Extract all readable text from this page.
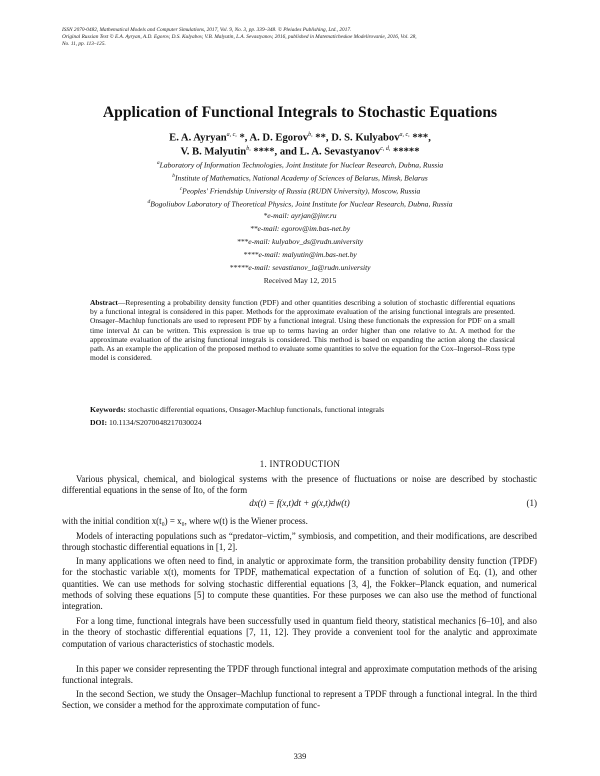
ISSN 2070-0482, Mathematical Models and Computer Simulations, 2017, Vol. 9, No. 3, pp. 339–348. © Pleiades Publishing, Ltd., 2017.
Original Russian Text © E.A. Ayryan, A.D. Egorov, D.S. Kulyabov, V.B. Malyutin, L.A. Sevastyanov, 2016, published in Matematicheskoe Modelirovanie, 2016, Vol. 28,
No. 11, pp. 113–125.
Application of Functional Integrals to Stochastic Equations
E. A. Ayryan$^{a, c,}$ *, A. D. Egorov$^{b,}$ **, D. S. Kulyabov$^{a, c,}$ ***,
V. B. Malyutin$^{b,}$ ****, and L. A. Sevastyanov$^{c, d,}$ *****
$^a$Laboratory of Information Technologies, Joint Institute for Nuclear Research, Dubna, Russia
$^b$Institute of Mathematics, National Academy of Sciences of Belarus, Minsk, Belarus
$^c$Peoples' Friendship University of Russia (RUDN University), Moscow, Russia
$^d$Bogoliubov Laboratory of Theoretical Physics, Joint Institute for Nuclear Research, Dubna, Russia
*e-mail: ayrjan@jinr.ru
**e-mail: egorov@im.bas-net.by
***e-mail: kulyabov_ds@rudn.university
****e-mail: malyutin@im.bas-net.by
*****e-mail: sevastianov_la@rudn.university
Received May 12, 2015
Abstract—Representing a probability density function (PDF) and other quantities describing a solution of stochastic differential equations by a functional integral is considered in this paper. Methods for the approximate evaluation of the arising functional integrals are presented. Onsager–Machlup functionals are used to represent PDF by a functional integral. Using these functionals the expression for PDF on a small time interval Δt can be written. This expression is true up to terms having an order higher than one relative to Δt. A method for the approximate evaluation of the arising functional integrals is considered. This method is based on expanding the action along the classical path. As an example the application of the proposed method to evaluate some quantities to solve the equation for the Cox–Ingersol–Ross type model is considered.
Keywords: stochastic differential equations, Onsager-Machlup functionals, functional integrals
DOI: 10.1134/S2070048217030024
1. INTRODUCTION
Various physical, chemical, and biological systems with the presence of fluctuations or noise are described by stochastic differential equations in the sense of Ito, of the form
dx(t) = f(x,t)dt + g(x,t)dw(t)	(1)
with the initial condition x(t₀) = x₀, where w(t) is the Wiener process.
Models of interacting populations such as “predator–victim,” symbiosis, and competition, and their modifications, are described through stochastic differential equations in [1, 2].
In many applications we often need to find, in analytic or approximate form, the transition probability density function (TPDF) for the stochastic variable x(t), moments for TPDF, mathematical expectation of a function of solution of Eq. (1), and other quantities. We can use methods for solving stochastic differential equations [3, 4], the Fokker–Planck equation, and numerical methods of solving these equations [5] to compute these quantities. For these purposes we can also use the method of functional integration.
For a long time, functional integrals have been successfully used in quantum field theory, statistical mechanics [6–10], and also in the theory of stochastic differential equations [7, 11, 12]. They provide a convenient tool for the analytic and approximate computation of various characteristics of stochastic models.
In this paper we consider representing the TPDF through functional integral and approximate computation methods of the arising functional integrals.
In the second Section, we study the Onsager–Machlup functional to represent a TPDF through a functional integral. In the third Section, we consider a method for the approximate computation of func-
339
